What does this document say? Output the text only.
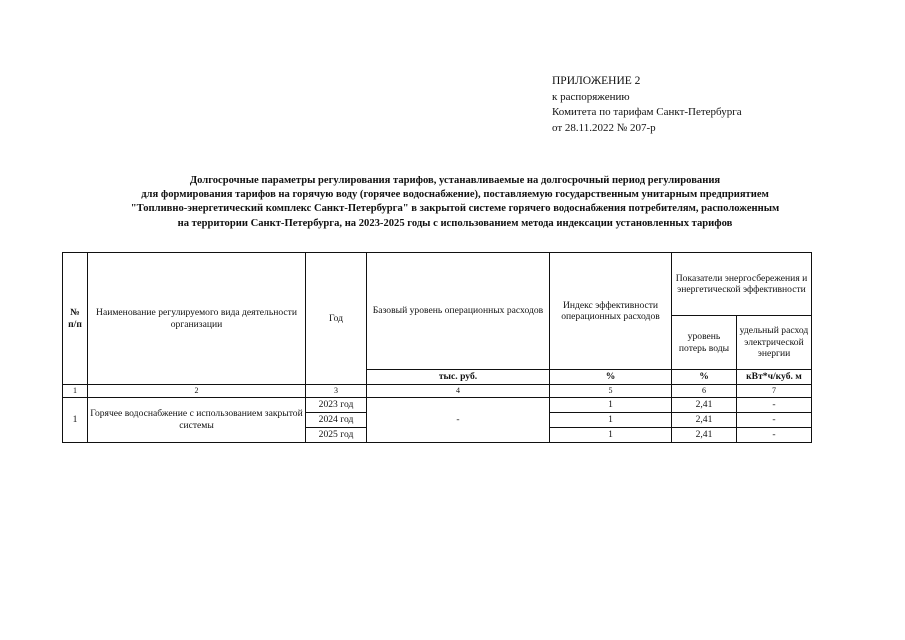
ПРИЛОЖЕНИЕ 2
к распоряжению
Комитета по тарифам Санкт-Петербурга
от 28.11.2022 № 207-р
Долгосрочные параметры регулирования тарифов, устанавливаемые на долгосрочный период регулирования
для формирования тарифов на горячую воду (горячее водоснабжение), поставляемую государственным унитарным предприятием
"Топливно-энергетический комплекс Санкт-Петербурга" в закрытой системе горячего водоснабжения потребителям, расположенным
на территории Санкт-Петербурга, на 2023-2025 годы с использованием метода индексации установленных тарифов
№ п/п	Наименование регулируемого вида деятельности организации	Год	Базовый уровень операционных расходов	Индекс эффективности операционных расходов	Показатели энергосбережения и энергетической эффективности	
					уровень потерь воды	удельный расход электрической энергии
			тыс. руб.	%	%	кВт*ч/куб. м
1	2	3	4	5	6	7
1	Горячее водоснабжение с использованием закрытой системы	2023 год	-	1	2,41	-
		2024 год		1	2,41	-
		2025 год		1	2,41	-
